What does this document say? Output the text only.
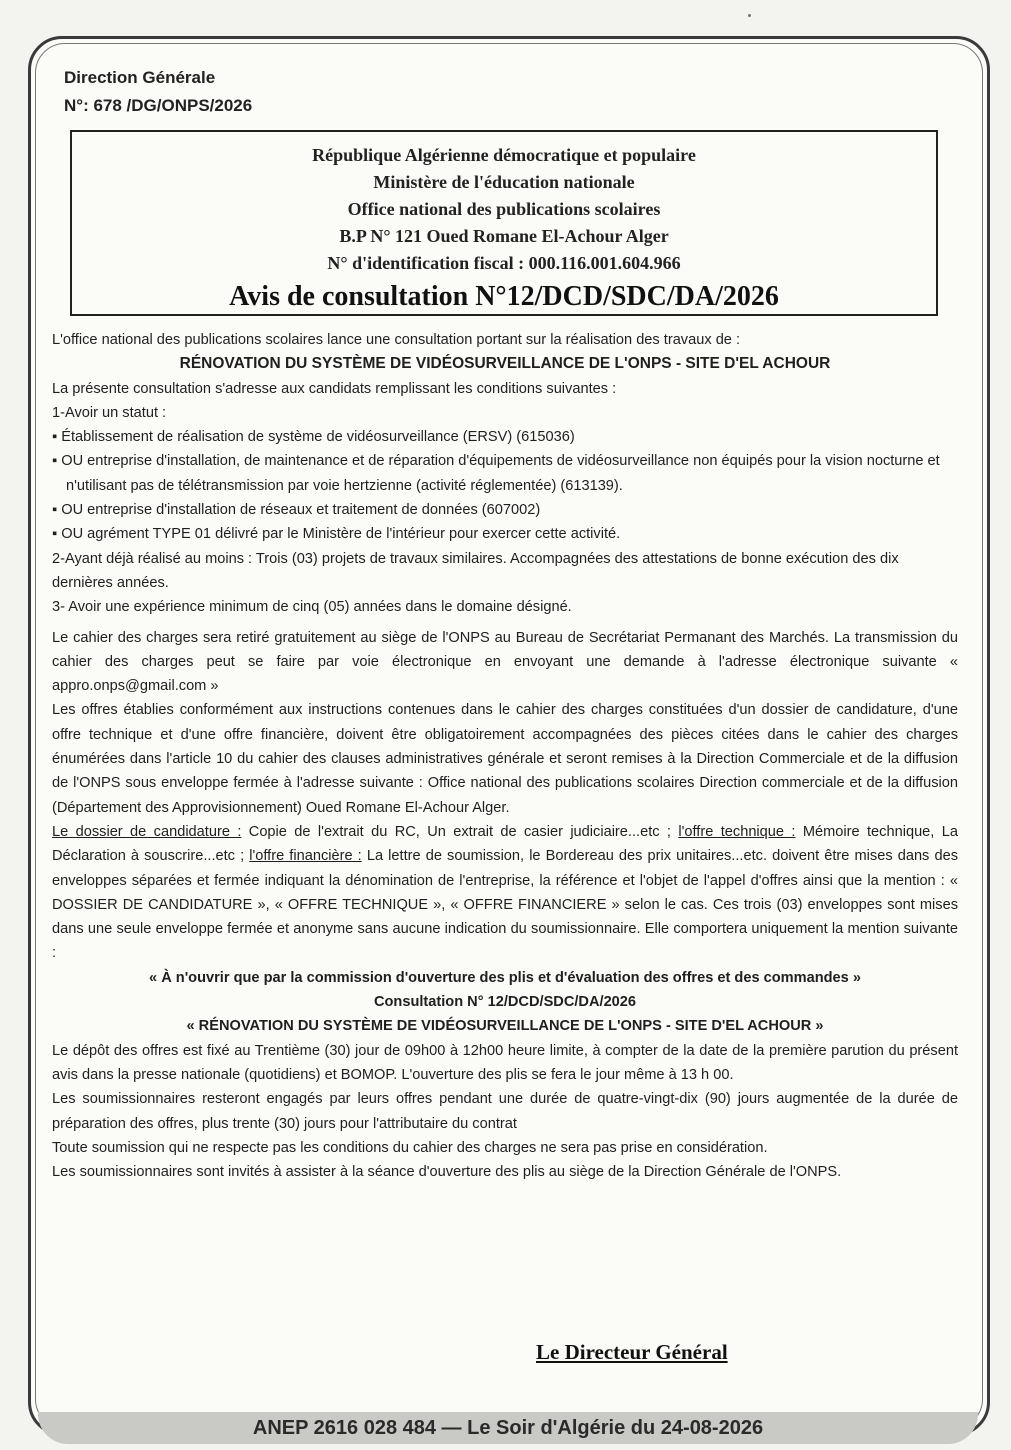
Direction Générale
N°: 678 /DG/ONPS/2026
République Algérienne démocratique et populaire
Ministère de l'éducation nationale
Office national des publications scolaires
B.P N° 121 Oued Romane El-Achour Alger
N° d'identification fiscal : 000.116.001.604.966
Avis de consultation N°12/DCD/SDC/DA/2026

L'office national des publications scolaires lance une consultation portant sur la réalisation des travaux de :

RÉNOVATION DU SYSTÈME DE VIDÉOSURVEILLANCE DE L'ONPS - SITE D'EL ACHOUR

La présente consultation s'adresse aux candidats remplissant les conditions suivantes :

1-Avoir un statut :

▪ Établissement de réalisation de système de vidéosurveillance (ERSV) (615036)

▪ OU entreprise d'installation, de maintenance et de réparation d'équipements de vidéosurveillance non équipés pour la vision nocturne et n'utilisant pas de télétransmission par voie hertzienne (activité réglementée) (613139).

▪ OU entreprise d'installation de réseaux et traitement de données (607002)

▪ OU agrément TYPE 01 délivré par le Ministère de l'intérieur pour exercer cette activité.

2-Ayant déjà réalisé au moins : Trois (03) projets de travaux similaires. Accompagnées des attestations de bonne exécution des dix dernières années.

3- Avoir une expérience minimum de cinq (05) années dans le domaine désigné.

Le cahier des charges sera retiré gratuitement au siège de l'ONPS au Bureau de Secrétariat Permanant des Marchés. La transmission du cahier des charges peut se faire par voie électronique en envoyant une demande à l'adresse électronique suivante « appro.onps@gmail.com »

Les offres établies conformément aux instructions contenues dans le cahier des charges constituées d'un dossier de candidature, d'une offre technique et d'une offre financière, doivent être obligatoirement accompagnées des pièces citées dans le cahier des charges énumérées dans l'article 10 du cahier des clauses administratives générale et seront remises à la Direction Commerciale et de la diffusion de l'ONPS sous enveloppe fermée à l'adresse suivante : Office national des publications scolaires Direction commerciale et de la diffusion (Département des Approvisionnement) Oued Romane El-Achour Alger.

Le dossier de candidature : Copie de l'extrait du RC, Un extrait de casier judiciaire...etc ; l'offre technique : Mémoire technique, La Déclaration à souscrire...etc ; l'offre financière : La lettre de soumission, le Bordereau des prix unitaires...etc. doivent être mises dans des enveloppes séparées et fermée indiquant la dénomination de l'entreprise, la référence et l'objet de l'appel d'offres ainsi que la mention : « DOSSIER DE CANDIDATURE », « OFFRE TECHNIQUE », « OFFRE FINANCIERE » selon le cas. Ces trois (03) enveloppes sont mises dans une seule enveloppe fermée et anonyme sans aucune indication du soumissionnaire. Elle comportera uniquement la mention suivante :

« À n'ouvrir que par la commission d'ouverture des plis et d'évaluation des offres et des commandes »

Consultation N° 12/DCD/SDC/DA/2026

« RÉNOVATION DU SYSTÈME DE VIDÉOSURVEILLANCE DE L'ONPS - SITE D'EL ACHOUR »

Le dépôt des offres est fixé au Trentième (30) jour de 09h00 à 12h00 heure limite, à compter de la date de la première parution du présent avis dans la presse nationale (quotidiens) et BOMOP. L'ouverture des plis se fera le jour même à 13 h 00.

Les soumissionnaires resteront engagés par leurs offres pendant une durée de quatre-vingt-dix (90) jours augmentée de la durée de préparation des offres, plus trente (30) jours pour l'attributaire du contrat

Toute soumission qui ne respecte pas les conditions du cahier des charges ne sera pas prise en considération.

Les soumissionnaires sont invités à assister à la séance d'ouverture des plis au siège de la Direction Générale de l'ONPS.

Le Directeur Général
ANEP 2616 028 484 — Le Soir d'Algérie du 24-08-2026
